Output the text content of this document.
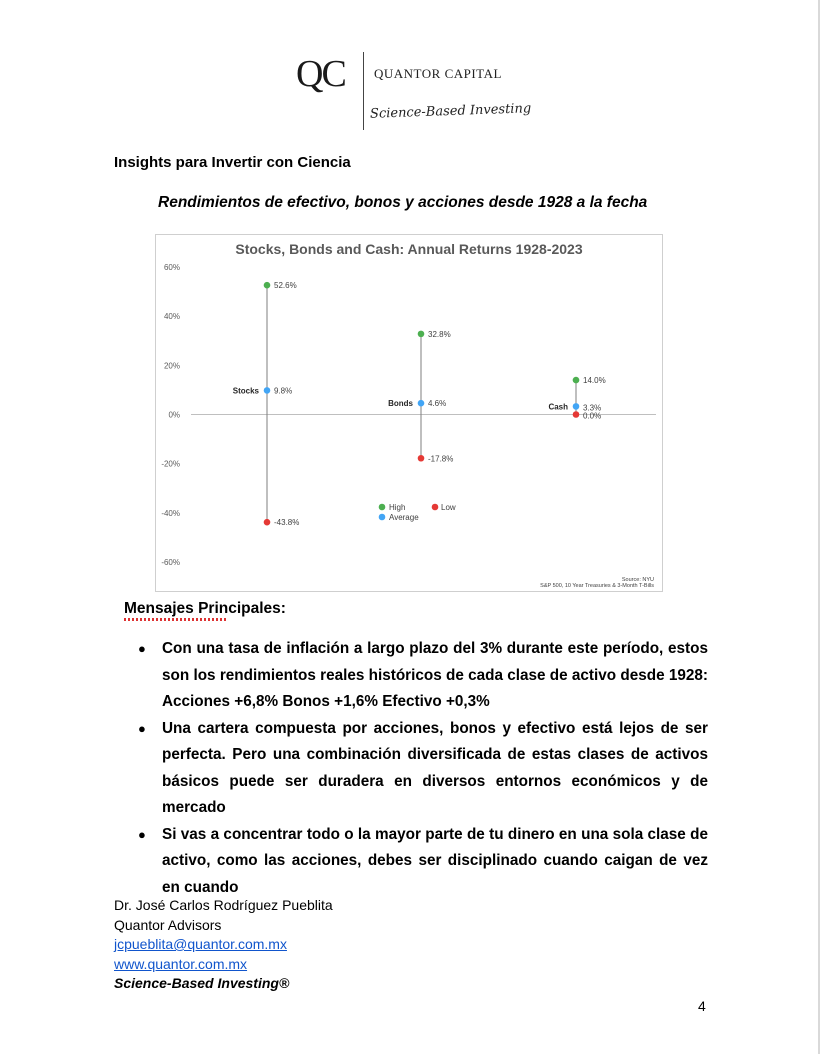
QC QUANTOR CAPITAL
Science-Based Investing
Insights para Invertir con Ciencia
Rendimientos de efectivo, bonos y acciones desde 1928 a la fecha
Stocks, Bonds and Cash: Annual Returns 1928-2023
60%
40%
20%
0%
-20%
-40%
-60%
52.6%
9.8%
-43.8%
Stocks
32.8%
4.6%
-17.8%
Bonds
14.0%
3.3%
0.0%
Cash
High
Average
Low
Source: NYU
S&P 500, 10 Year Treasuries & 3-Month T-Bills
Mensajes Principales:
● Con una tasa de inflación a largo plazo del 3% durante este período, estos son los rendimientos reales históricos de cada clase de activo desde 1928: Acciones +6,8% Bonos +1,6% Efectivo +0,3%
● Una cartera compuesta por acciones, bonos y efectivo está lejos de ser perfecta. Pero una combinación diversificada de estas clases de activos básicos puede ser duradera en diversos entornos económicos y de mercado
● Si vas a concentrar todo o la mayor parte de tu dinero en una sola clase de activo, como las acciones, debes ser disciplinado cuando caigan de vez en cuando
Dr. José Carlos Rodríguez Pueblita
Quantor Advisors
jcpueblita@quantor.com.mx
www.quantor.com.mx
Science-Based Investing®
4
